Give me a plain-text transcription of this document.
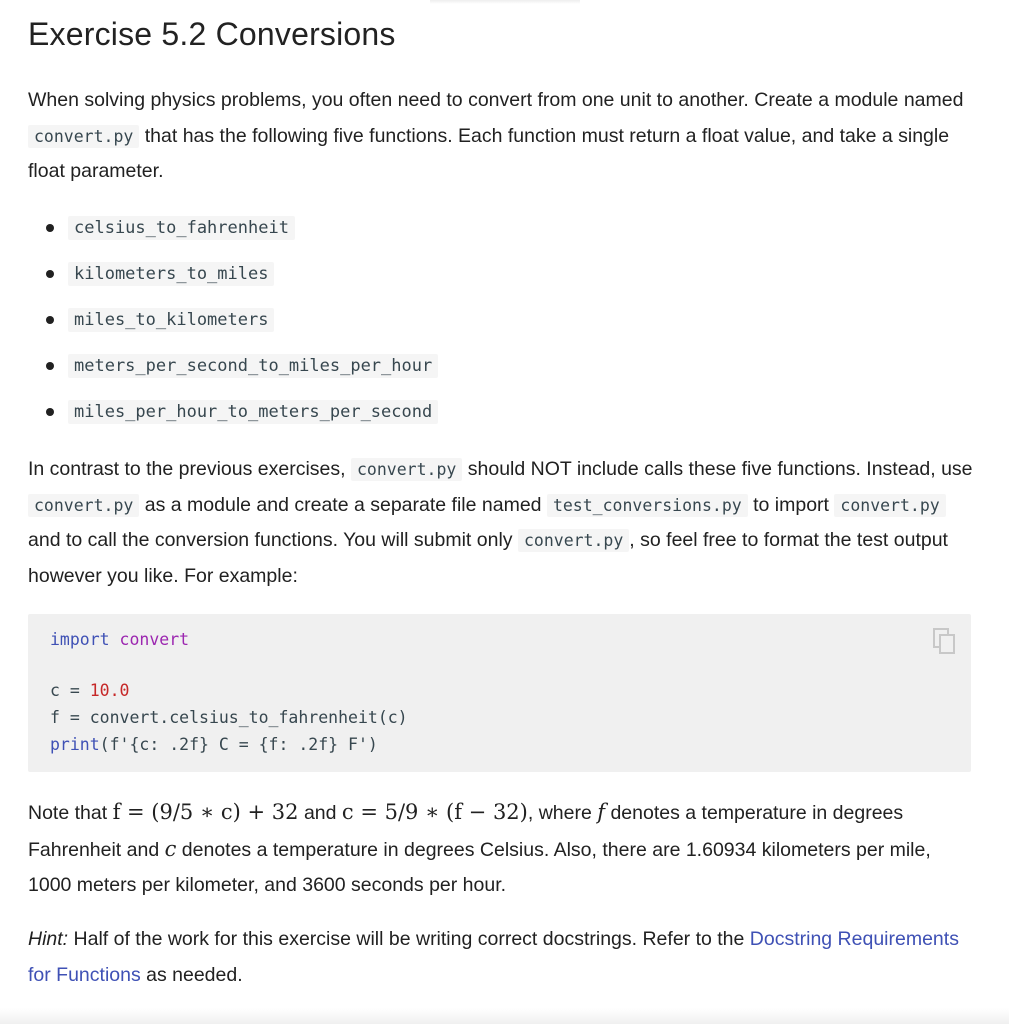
Exercise 5.2 Conversions

When solving physics problems, you often need to convert from one unit to another. Create a module named convert.py that has the following five functions. Each function must return a float value, and take a single float parameter.

celsius_to_fahrenheit
kilometers_to_miles
miles_to_kilometers
meters_per_second_to_miles_per_hour
miles_per_hour_to_meters_per_second

In contrast to the previous exercises, convert.py should NOT include calls these five functions. Instead, use convert.py as a module and create a separate file named test_conversions.py to import convert.py and to call the conversion functions. You will submit only convert.py , so feel free to format the test output however you like. For example:

import convert
c = 10.0
f = convert.celsius_to_fahrenheit(c)
print(f'{c: .2f} C = {f: .2f} F')

Note that f = (9/5 ∗ c) + 32 and c = 5/9 ∗ (f − 32), where f denotes a temperature in degrees Fahrenheit and c denotes a temperature in degrees Celsius. Also, there are 1.60934 kilometers per mile, 1000 meters per kilometer, and 3600 seconds per hour.

Hint: Half of the work for this exercise will be writing correct docstrings. Refer to the Docstring Requirements for Functions as needed.
